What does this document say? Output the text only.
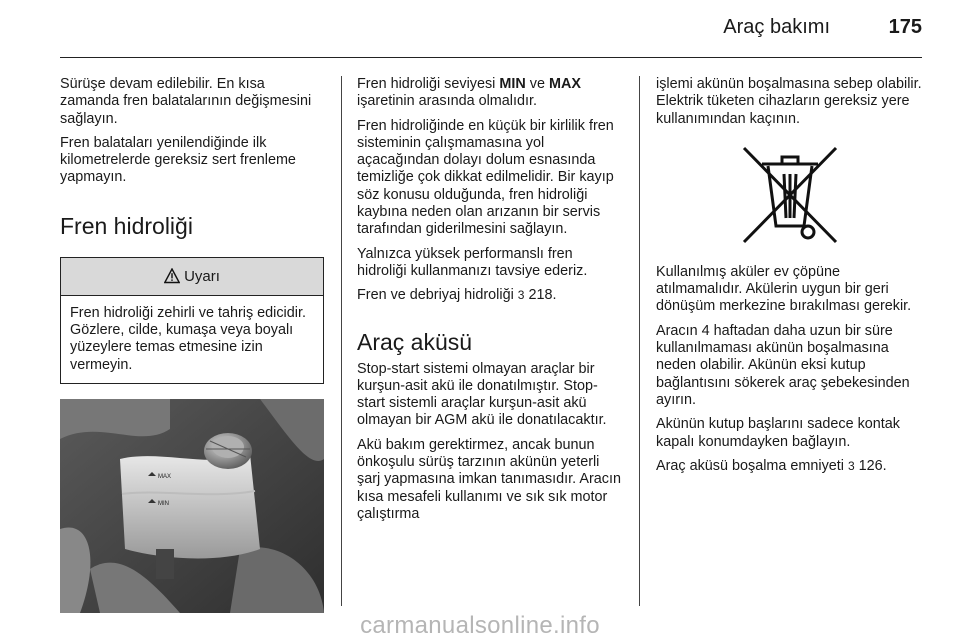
Araç bakımı	175

Sürüşe devam edilebilir. En kısa zamanda fren balatalarının değişmesini sağlayın.

Fren balataları yenilendiğinde ilk kilometrelerde gereksiz sert frenleme yapmayın.

Fren hidroliği
Uyarı
Fren hidroliği zehirli ve tahriş edicidir. Gözlere, cilde, kumaşa veya boyalı yüzeylere temas etmesine izin vermeyin.
MAX
MIN

Fren hidroliği seviyesi MIN ve MAX işaretinin arasında olmalıdır.

Fren hidroliğinde en küçük bir kirlilik fren sisteminin çalışmamasına yol açacağından dolayı dolum esnasında temizliğe çok dikkat edilmelidir. Bir kayıp söz konusu olduğunda, fren hidroliği kaybına neden olan arızanın bir servis tarafından giderilmesini sağlayın.

Yalnızca yüksek performanslı fren hidroliği kullanmanızı tavsiye ederiz.

Fren ve debriyaj hidroliği 3 218.

Araç aküsü

Stop-start sistemi olmayan araçlar bir kurşun-asit akü ile donatılmıştır. Stop-start sistemli araçlar kurşun-asit akü olmayan bir AGM akü ile donatılacaktır.

Akü bakım gerektirmez, ancak bunun önkoşulu sürüş tarzının akünün yeterli şarj yapmasına imkan tanımasıdır. Aracın kısa mesafeli kullanımı ve sık sık motor çalıştırma

işlemi akünün boşalmasına sebep olabilir. Elektrik tüketen cihazların gereksiz yere kullanımından kaçının.

Kullanılmış aküler ev çöpüne atılmamalıdır. Akülerin uygun bir geri dönüşüm merkezine bırakılması gerekir.

Aracın 4 haftadan daha uzun bir süre kullanılmaması akünün boşalmasına neden olabilir. Akünün eksi kutup bağlantısını sökerek araç şebekesinden ayırın.

Akünün kutup başlarını sadece kontak kapalı konumdayken bağlayın.

Araç aküsü boşalma emniyeti 3 126.

carmanualsonline.info
